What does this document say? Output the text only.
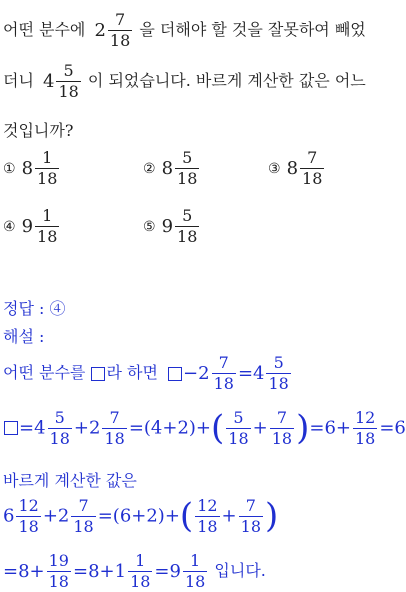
어떤 분수에 $2 \frac{7}{18}$ 을 더해야 할 것을 잘못하여 빼었
더니 $4 \frac{5}{18}$ 이 되었습니다. 바르게 계산한 값은 어느
것입니까?
① $8 \frac{1}{18}$	② $8 \frac{5}{18}$	③ $8 \frac{7}{18}$
④ $9 \frac{1}{18}$	⑤ $9 \frac{5}{18}$
정답 : ④
해설 :
어떤 분수를 라 하면 $-2 \frac{7}{18} =4 \frac{5}{18}$
$=4 \frac{5}{18} +2 \frac{7}{18} =(4+2)+( \frac{5}{18} + \frac{7}{18} )=6+ \frac{12}{18} =6$
바르게 계산한 값은
$6 \frac{12}{18} +2 \frac{7}{18} =(6+2)+( \frac{12}{18} + \frac{7}{18}$ )
$=8+ \frac{19}{18} =8+1 \frac{1}{18} =9 \frac{1}{18}$ 입니다.
